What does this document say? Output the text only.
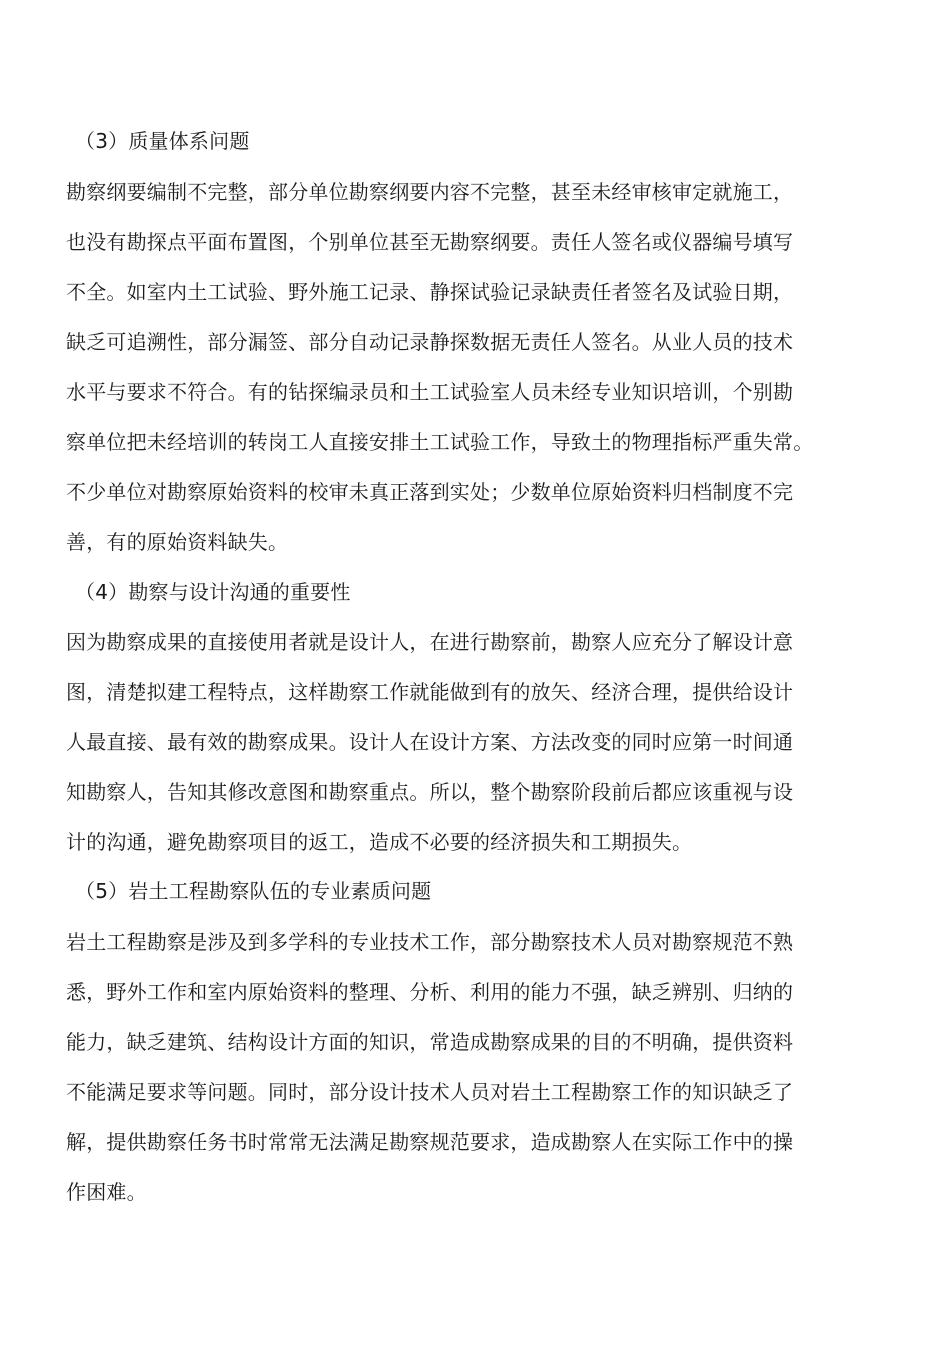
（3）质量体系问题
勘察纲要编制不完整，部分单位勘察纲要内容不完整，甚至未经审核审定就施工，
也没有勘探点平面布置图，个别单位甚至无勘察纲要。责任人签名或仪器编号填写
不全。如室内土工试验、野外施工记录、静探试验记录缺责任者签名及试验日期，
缺乏可追溯性，部分漏签、部分自动记录静探数据无责任人签名。从业人员的技术
水平与要求不符合。有的钻探编录员和土工试验室人员未经专业知识培训，个别勘
察单位把未经培训的转岗工人直接安排土工试验工作，导致土的物理指标严重失常。
不少单位对勘察原始资料的校审未真正落到实处；少数单位原始资料归档制度不完
善，有的原始资料缺失。
（4）勘察与设计沟通的重要性
因为勘察成果的直接使用者就是设计人，在进行勘察前，勘察人应充分了解设计意
图，清楚拟建工程特点，这样勘察工作就能做到有的放矢、经济合理，提供给设计
人最直接、最有效的勘察成果。设计人在设计方案、方法改变的同时应第一时间通
知勘察人，告知其修改意图和勘察重点。所以，整个勘察阶段前后都应该重视与设
计的沟通，避免勘察项目的返工，造成不必要的经济损失和工期损失。
（5）岩土工程勘察队伍的专业素质问题
岩土工程勘察是涉及到多学科的专业技术工作，部分勘察技术人员对勘察规范不熟
悉，野外工作和室内原始资料的整理、分析、利用的能力不强，缺乏辨别、归纳的
能力，缺乏建筑、结构设计方面的知识，常造成勘察成果的目的不明确，提供资料
不能满足要求等问题。同时，部分设计技术人员对岩土工程勘察工作的知识缺乏了
解，提供勘察任务书时常常无法满足勘察规范要求，造成勘察人在实际工作中的操
作困难。
